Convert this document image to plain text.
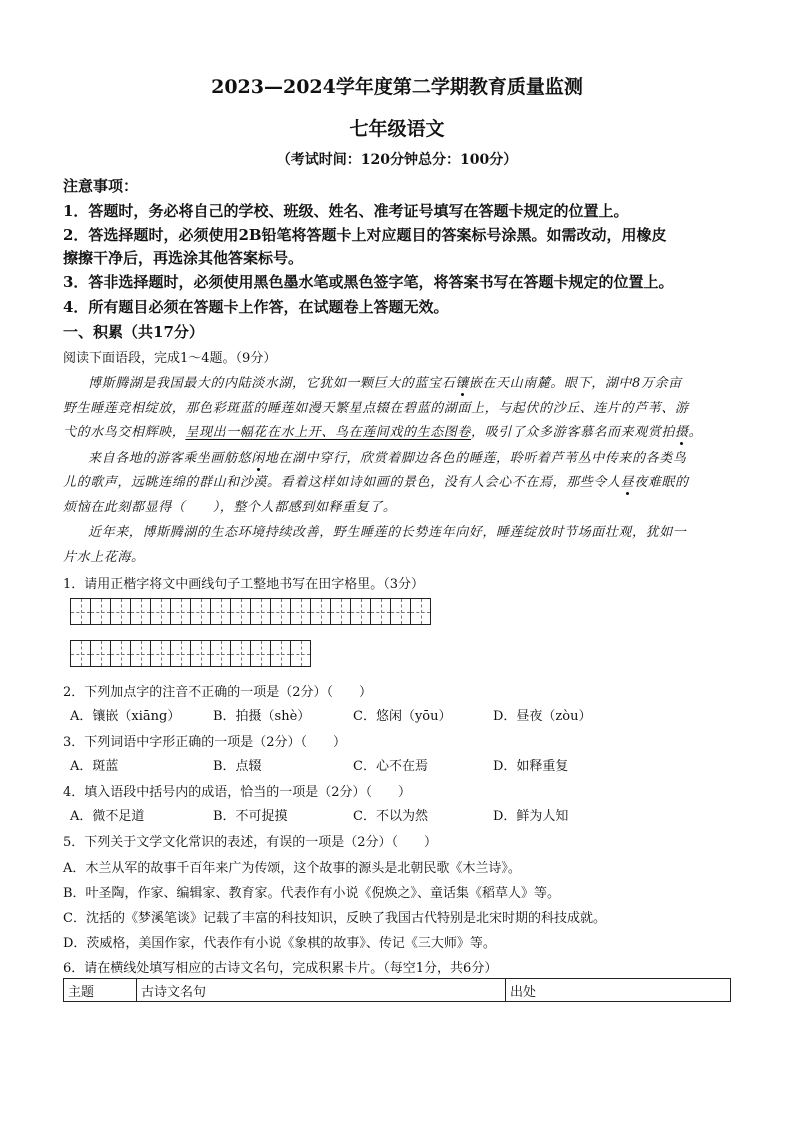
2023—2024学年度第二学期教育质量监测
七年级语文
（考试时间：120分钟总分：100分）
注意事项：
1．答题时，务必将自己的学校、班级、姓名、准考证号填写在答题卡规定的位置上。
2．答选择题时，必须使用2B铅笔将答题卡上对应题目的答案标号涂黑。如需改动，用橡皮
擦擦干净后，再选涂其他答案标号。
3．答非选择题时，必须使用黑色墨水笔或黑色签字笔，将答案书写在答题卡规定的位置上。
4．所有题目必须在答题卡上作答，在试题卷上答题无效。
一、积累（共17分）
阅读下面语段，完成1～4题。（9分）
博斯腾湖是我国最大的内陆淡水湖，它犹如一颗巨大的蓝宝石镶嵌在天山南麓。眼下，湖中8万余亩
野生睡莲竞相绽放，那色彩斑蓝的睡莲如漫天繁星点辍在碧蓝的湖面上，与起伏的沙丘、连片的芦苇、游
弋的水鸟交相辉映，呈现出一幅花在水上开、鸟在莲间戏的生态图卷，吸引了众多游客慕名而来观赏拍摄。
来自各地的游客乘坐画舫悠闲地在湖中穿行，欣赏着脚边各色的睡莲，聆听着芦苇丛中传来的各类鸟
儿的歌声，远眺连绵的群山和沙漠。看着这样如诗如画的景色，没有人会心不在焉，那些令人昼夜难眠的
烦恼在此刻都显得（　　），整个人都感到如释重复了。
近年来，博斯腾湖的生态环境持续改善，野生睡莲的长势连年向好，睡莲绽放时节场面壮观，犹如一
片水上花海。
1．请用正楷字将文中画线句子工整地书写在田字格里。（3分）
2．下列加点字的注音不正确的一项是（2分）（　　）
A．镶嵌（xiāng）	B．拍摄（shè）	C．悠闲（yōu）	D．昼夜（zòu）
3．下列词语中字形正确的一项是（2分）（　　）
A．斑蓝	B．点辍	C．心不在焉	D．如释重复
4．填入语段中括号内的成语，恰当的一项是（2分）（　　）
A．微不足道	B．不可捉摸	C．不以为然	D．鲜为人知
5．下列关于文学文化常识的表述，有误的一项是（2分）（　　）
A．木兰从军的故事千百年来广为传颂，这个故事的源头是北朝民歌《木兰诗》。
B．叶圣陶，作家、编辑家、教育家。代表作有小说《倪焕之》、童话集《稻草人》等。
C．沈括的《梦溪笔谈》记载了丰富的科技知识，反映了我国古代特别是北宋时期的科技成就。
D．茨威格，美国作家，代表作有小说《象棋的故事》、传记《三大师》等。
6．请在横线处填写相应的古诗文名句，完成积累卡片。（每空1分，共6分）
主题	古诗文名句	出处
